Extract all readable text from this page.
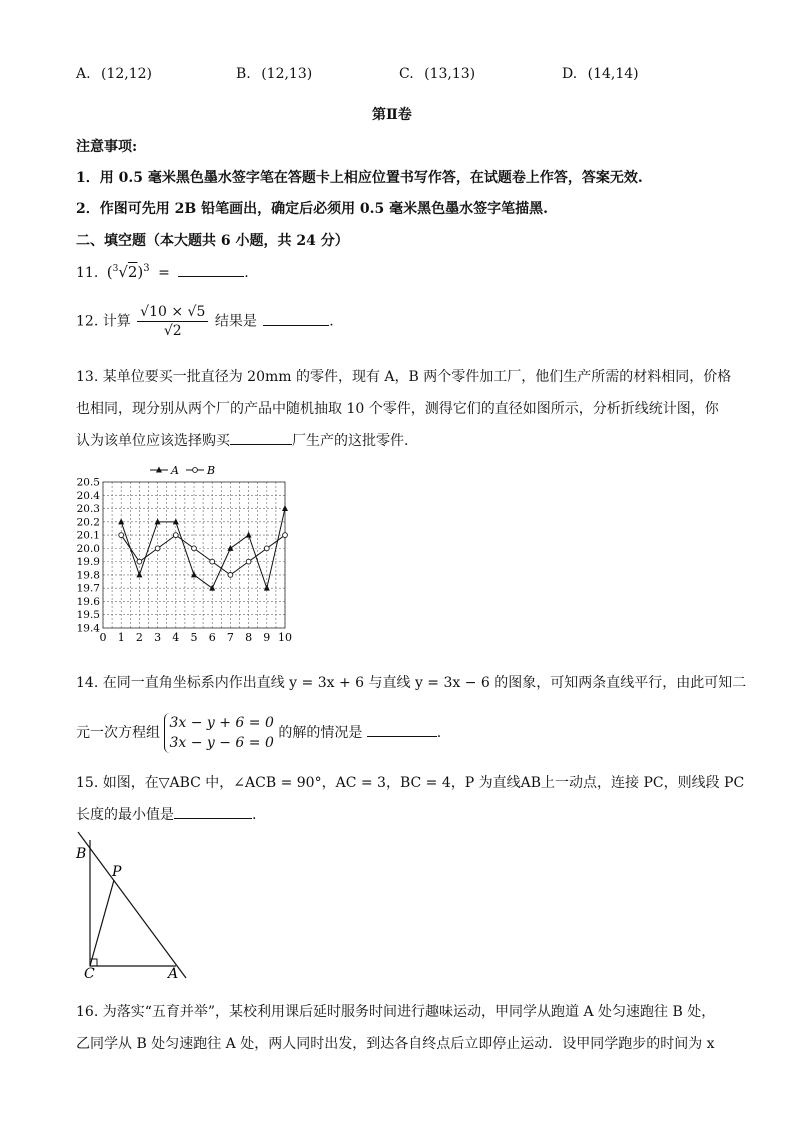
A. (12,12)	B. (12,13)	C. (13,13)	D. (14,14)
第Ⅱ卷
注意事项:
1．用 0.5 毫米黑色墨水签字笔在答题卡上相应位置书写作答，在试题卷上作答，答案无效.
2．作图可先用 2B 铅笔画出，确定后必须用 0.5 毫米黑色墨水签字笔描黑.
二、填空题（本大题共 6 小题，共 24 分）
11. $(^3√2)^3$ =	.
12. 计算 $\frac{√10 \times √5}{√2}$ 结果是	.
13. 某单位要买一批直径为 20mm 的零件，现有 A，B 两个零件加工厂，他们生产所需的材料相同，价格
也相同，现分别从两个厂的产品中随机抽取 10 个零件，测得它们的直径如图所示，分析折线统计图，你
认为该单位应该选择购买	厂生产的这批零件.
19.4
19.5
19.6
19.7
19.8
19.9
20.0
20.1
20.2
20.3
20.4
20.5
0 1 2 3 4 5 6 7 8 9 10
A	B
14. 在同一直角坐标系内作出直线 y = 3x + 6 与直线 y = 3x − 6 的图象，可知两条直线平行，由此可知二
元一次方程组
3x − y + 6 = 0
3x − y − 6 = 0
的解的情况是	.
15. 如图，在▽ABC 中，∠ACB = 90°，AC = 3，BC = 4，P 为直线AB上一动点，连接 PC，则线段 PC
长度的最小值是	.
B
P
C	A
16. 为落实“五育并举”，某校利用课后延时服务时间进行趣味运动，甲同学从跑道 A 处匀速跑往 B 处，
乙同学从 B 处匀速跑往 A 处，两人同时出发，到达各自终点后立即停止运动．设甲同学跑步的时间为 x
